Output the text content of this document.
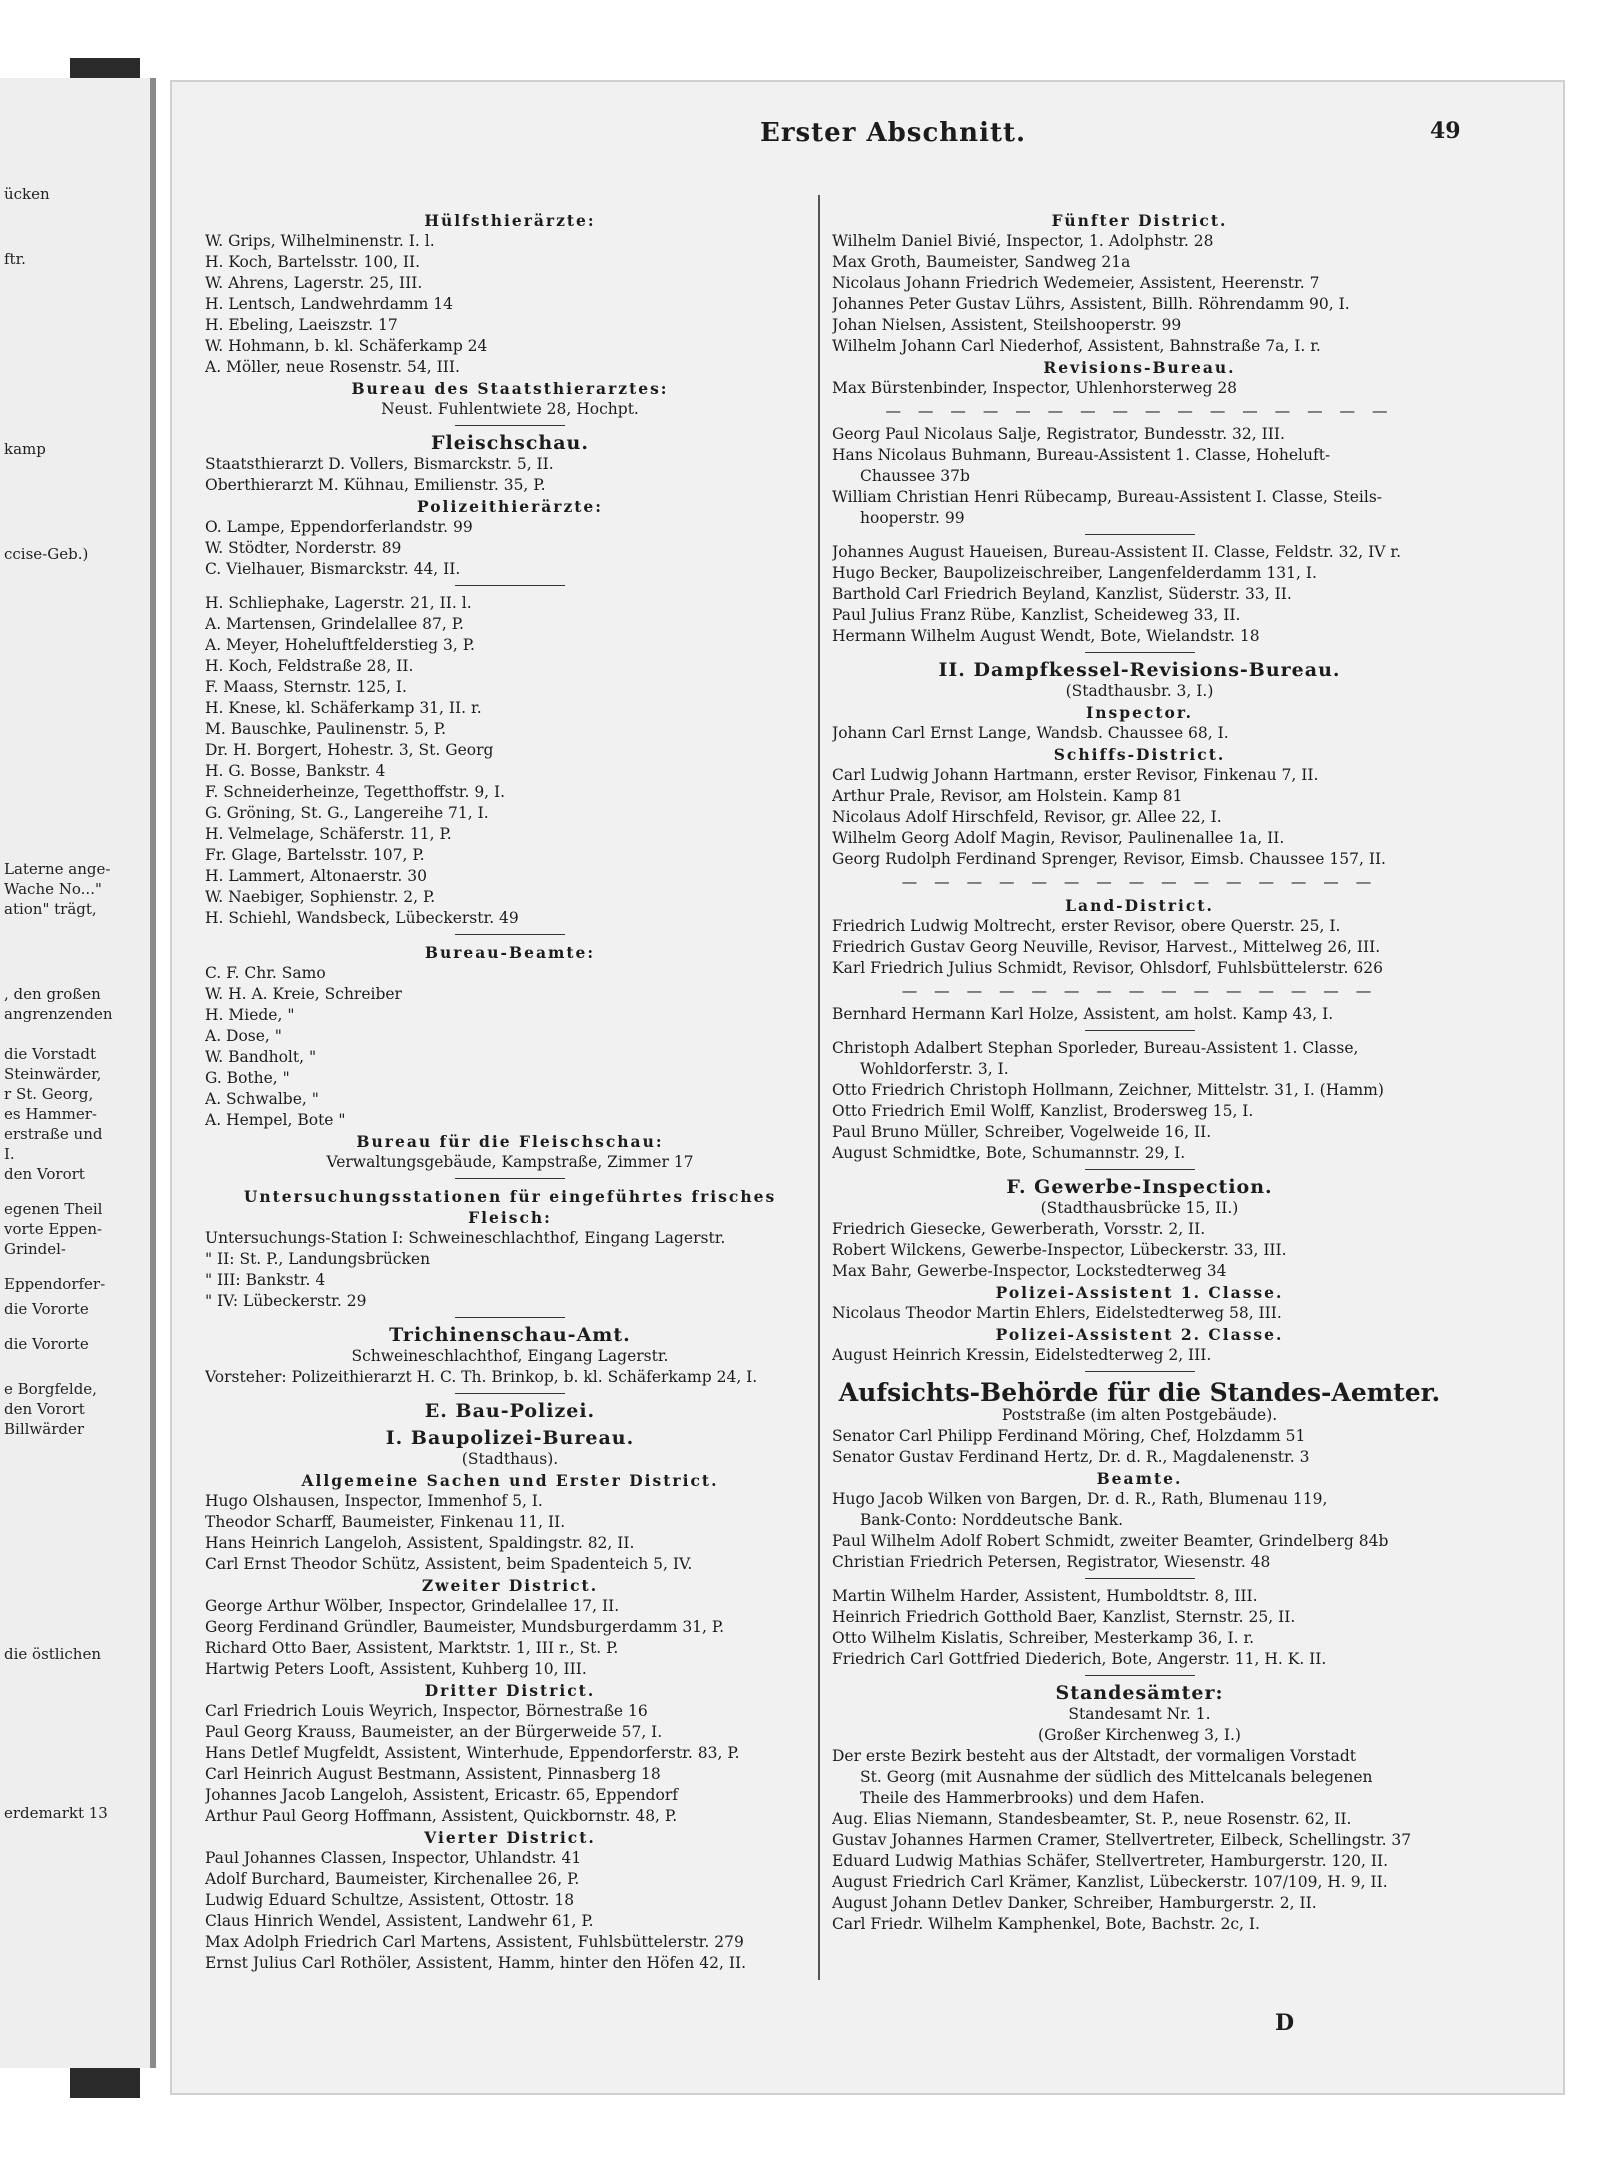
ücken
ftr.
kamp
ccise-Geb.)
Laterne ange-
Wache No..."
ation" trägt,
, den großen
angrenzenden
die Vorstadt
Steinwärder,
r St. Georg,
es Hammer-
erstraße und
I.
den Vorort
egenen Theil
vorte Eppen-
Grindel-
Eppendorfer-
die Vororte
die Vororte
e Borgfelde,
den Vorort
Billwärder
die östlichen
erdemarkt 13
Erster Abschnitt.	49
Hülfsthierärzte:
W. Grips, Wilhelminenstr. I. l.
H. Koch, Bartelsstr. 100, II.
W. Ahrens, Lagerstr. 25, III.
H. Lentsch, Landwehrdamm 14
H. Ebeling, Laeiszstr. 17
W. Hohmann, b. kl. Schäferkamp 24
A. Möller, neue Rosenstr. 54, III.
Bureau des Staatsthierarztes:
Neust. Fuhlentwiete 28, Hochpt.
Fleischschau.
Staatsthierarzt D. Vollers, Bismarckstr. 5, II.
Oberthierarzt M. Kühnau, Emilienstr. 35, P.
Polizeithierärzte:
O. Lampe, Eppendorferlandstr. 99
W. Stödter, Norderstr. 89
C. Vielhauer, Bismarckstr. 44, II.
H. Schliephake, Lagerstr. 21, II. l.
A. Martensen, Grindelallee 87, P.
A. Meyer, Hoheluftfelderstieg 3, P.
H. Koch, Feldstraße 28, II.
F. Maass, Sternstr. 125, I.
H. Knese, kl. Schäferkamp 31, II. r.
M. Bauschke, Paulinenstr. 5, P.
Dr. H. Borgert, Hohestr. 3, St. Georg
H. G. Bosse, Bankstr. 4
F. Schneiderheinze, Tegetthoffstr. 9, I.
G. Gröning, St. G., Langereihe 71, I.
H. Velmelage, Schäferstr. 11, P.
Fr. Glage, Bartelsstr. 107, P.
H. Lammert, Altonaerstr. 30
W. Naebiger, Sophienstr. 2, P.
H. Schiehl, Wandsbeck, Lübeckerstr. 49
Bureau-Beamte:
C. F. Chr. Samo
W. H. A. Kreie, Schreiber
H. Miede, "
A. Dose, "
W. Bandholt, "
G. Bothe, "
A. Schwalbe, "
A. Hempel, Bote "
Bureau für die Fleischschau:
Verwaltungsgebäude, Kampstraße, Zimmer 17
Untersuchungsstationen für eingeführtes frisches
Fleisch:
Untersuchungs-Station I: Schweineschlachthof, Eingang Lagerstr.
" II: St. P., Landungsbrücken
" III: Bankstr. 4
" IV: Lübeckerstr. 29
Trichinenschau-Amt.
Schweineschlachthof, Eingang Lagerstr.
Vorsteher: Polizeithierarzt H. C. Th. Brinkop, b. kl. Schäferkamp 24, I.
E. Bau-Polizei.
I. Baupolizei-Bureau.
(Stadthaus).
Allgemeine Sachen und Erster District.
Hugo Olshausen, Inspector, Immenhof 5, I.
Theodor Scharff, Baumeister, Finkenau 11, II.
Hans Heinrich Langeloh, Assistent, Spaldingstr. 82, II.
Carl Ernst Theodor Schütz, Assistent, beim Spadenteich 5, IV.
Zweiter District.
George Arthur Wölber, Inspector, Grindelallee 17, II.
Georg Ferdinand Gründler, Baumeister, Mundsburgerdamm 31, P.
Richard Otto Baer, Assistent, Marktstr. 1, III r., St. P.
Hartwig Peters Looft, Assistent, Kuhberg 10, III.
Dritter District.
Carl Friedrich Louis Weyrich, Inspector, Börnestraße 16
Paul Georg Krauss, Baumeister, an der Bürgerweide 57, I.
Hans Detlef Mugfeldt, Assistent, Winterhude, Eppendorferstr. 83, P.
Carl Heinrich August Bestmann, Assistent, Pinnasberg 18
Johannes Jacob Langeloh, Assistent, Ericastr. 65, Eppendorf
Arthur Paul Georg Hoffmann, Assistent, Quickbornstr. 48, P.
Vierter District.
Paul Johannes Classen, Inspector, Uhlandstr. 41
Adolf Burchard, Baumeister, Kirchenallee 26, P.
Ludwig Eduard Schultze, Assistent, Ottostr. 18
Claus Hinrich Wendel, Assistent, Landwehr 61, P.
Max Adolph Friedrich Carl Martens, Assistent, Fuhlsbüttelerstr. 279
Ernst Julius Carl Rothöler, Assistent, Hamm, hinter den Höfen 42, II.
Fünfter District.
Wilhelm Daniel Bivié, Inspector, 1. Adolphstr. 28
Max Groth, Baumeister, Sandweg 21a
Nicolaus Johann Friedrich Wedemeier, Assistent, Heerenstr. 7
Johannes Peter Gustav Lührs, Assistent, Billh. Röhrendamm 90, I.
Johan Nielsen, Assistent, Steilshooperstr. 99
Wilhelm Johann Carl Niederhof, Assistent, Bahnstraße 7a, I. r.
Revisions-Bureau.
Max Bürstenbinder, Inspector, Uhlenhorsterweg 28
— — — — — — — — — — — — — — — —
Georg Paul Nicolaus Salje, Registrator, Bundesstr. 32, III.
Hans Nicolaus Buhmann, Bureau-Assistent 1. Classe, Hoheluft-
Chaussee 37b
William Christian Henri Rübecamp, Bureau-Assistent I. Classe, Steils-
hooperstr. 99
Johannes August Haueisen, Bureau-Assistent II. Classe, Feldstr. 32, IV r.
Hugo Becker, Baupolizeischreiber, Langenfelderdamm 131, I.
Barthold Carl Friedrich Beyland, Kanzlist, Süderstr. 33, II.
Paul Julius Franz Rübe, Kanzlist, Scheideweg 33, II.
Hermann Wilhelm August Wendt, Bote, Wielandstr. 18
II. Dampfkessel-Revisions-Bureau.
(Stadthausbr. 3, I.)
Inspector.
Johann Carl Ernst Lange, Wandsb. Chaussee 68, I.
Schiffs-District.
Carl Ludwig Johann Hartmann, erster Revisor, Finkenau 7, II.
Arthur Prale, Revisor, am Holstein. Kamp 81
Nicolaus Adolf Hirschfeld, Revisor, gr. Allee 22, I.
Wilhelm Georg Adolf Magin, Revisor, Paulinenallee 1a, II.
Georg Rudolph Ferdinand Sprenger, Revisor, Eimsb. Chaussee 157, II.
— — — — — — — — — — — — — — —
Land-District.
Friedrich Ludwig Moltrecht, erster Revisor, obere Querstr. 25, I.
Friedrich Gustav Georg Neuville, Revisor, Harvest., Mittelweg 26, III.
Karl Friedrich Julius Schmidt, Revisor, Ohlsdorf, Fuhlsbüttelerstr. 626
— — — — — — — — — — — — — — —
Bernhard Hermann Karl Holze, Assistent, am holst. Kamp 43, I.
Christoph Adalbert Stephan Sporleder, Bureau-Assistent 1. Classe,
Wohldorferstr. 3, I.
Otto Friedrich Christoph Hollmann, Zeichner, Mittelstr. 31, I. (Hamm)
Otto Friedrich Emil Wolff, Kanzlist, Brodersweg 15, I.
Paul Bruno Müller, Schreiber, Vogelweide 16, II.
August Schmidtke, Bote, Schumannstr. 29, I.
F. Gewerbe-Inspection.
(Stadthausbrücke 15, II.)
Friedrich Giesecke, Gewerberath, Vorsstr. 2, II.
Robert Wilckens, Gewerbe-Inspector, Lübeckerstr. 33, III.
Max Bahr, Gewerbe-Inspector, Lockstedterweg 34
Polizei-Assistent 1. Classe.
Nicolaus Theodor Martin Ehlers, Eidelstedterweg 58, III.
Polizei-Assistent 2. Classe.
August Heinrich Kressin, Eidelstedterweg 2, III.
Aufsichts-Behörde für die Standes-Aemter.
Poststraße (im alten Postgebäude).
Senator Carl Philipp Ferdinand Möring, Chef, Holzdamm 51
Senator Gustav Ferdinand Hertz, Dr. d. R., Magdalenenstr. 3
Beamte.
Hugo Jacob Wilken von Bargen, Dr. d. R., Rath, Blumenau 119,
Bank-Conto: Norddeutsche Bank.
Paul Wilhelm Adolf Robert Schmidt, zweiter Beamter, Grindelberg 84b
Christian Friedrich Petersen, Registrator, Wiesenstr. 48
Martin Wilhelm Harder, Assistent, Humboldtstr. 8, III.
Heinrich Friedrich Gotthold Baer, Kanzlist, Sternstr. 25, II.
Otto Wilhelm Kislatis, Schreiber, Mesterkamp 36, I. r.
Friedrich Carl Gottfried Diederich, Bote, Angerstr. 11, H. K. II.
Standesämter:
Standesamt Nr. 1.
(Großer Kirchenweg 3, I.)
Der erste Bezirk besteht aus der Altstadt, der vormaligen Vorstadt
St. Georg (mit Ausnahme der südlich des Mittelcanals belegenen
Theile des Hammerbrooks) und dem Hafen.
Aug. Elias Niemann, Standesbeamter, St. P., neue Rosenstr. 62, II.
Gustav Johannes Harmen Cramer, Stellvertreter, Eilbeck, Schellingstr. 37
Eduard Ludwig Mathias Schäfer, Stellvertreter, Hamburgerstr. 120, II.
August Friedrich Carl Krämer, Kanzlist, Lübeckerstr. 107/109, H. 9, II.
August Johann Detlev Danker, Schreiber, Hamburgerstr. 2, II.
Carl Friedr. Wilhelm Kamphenkel, Bote, Bachstr. 2c, I.
D
